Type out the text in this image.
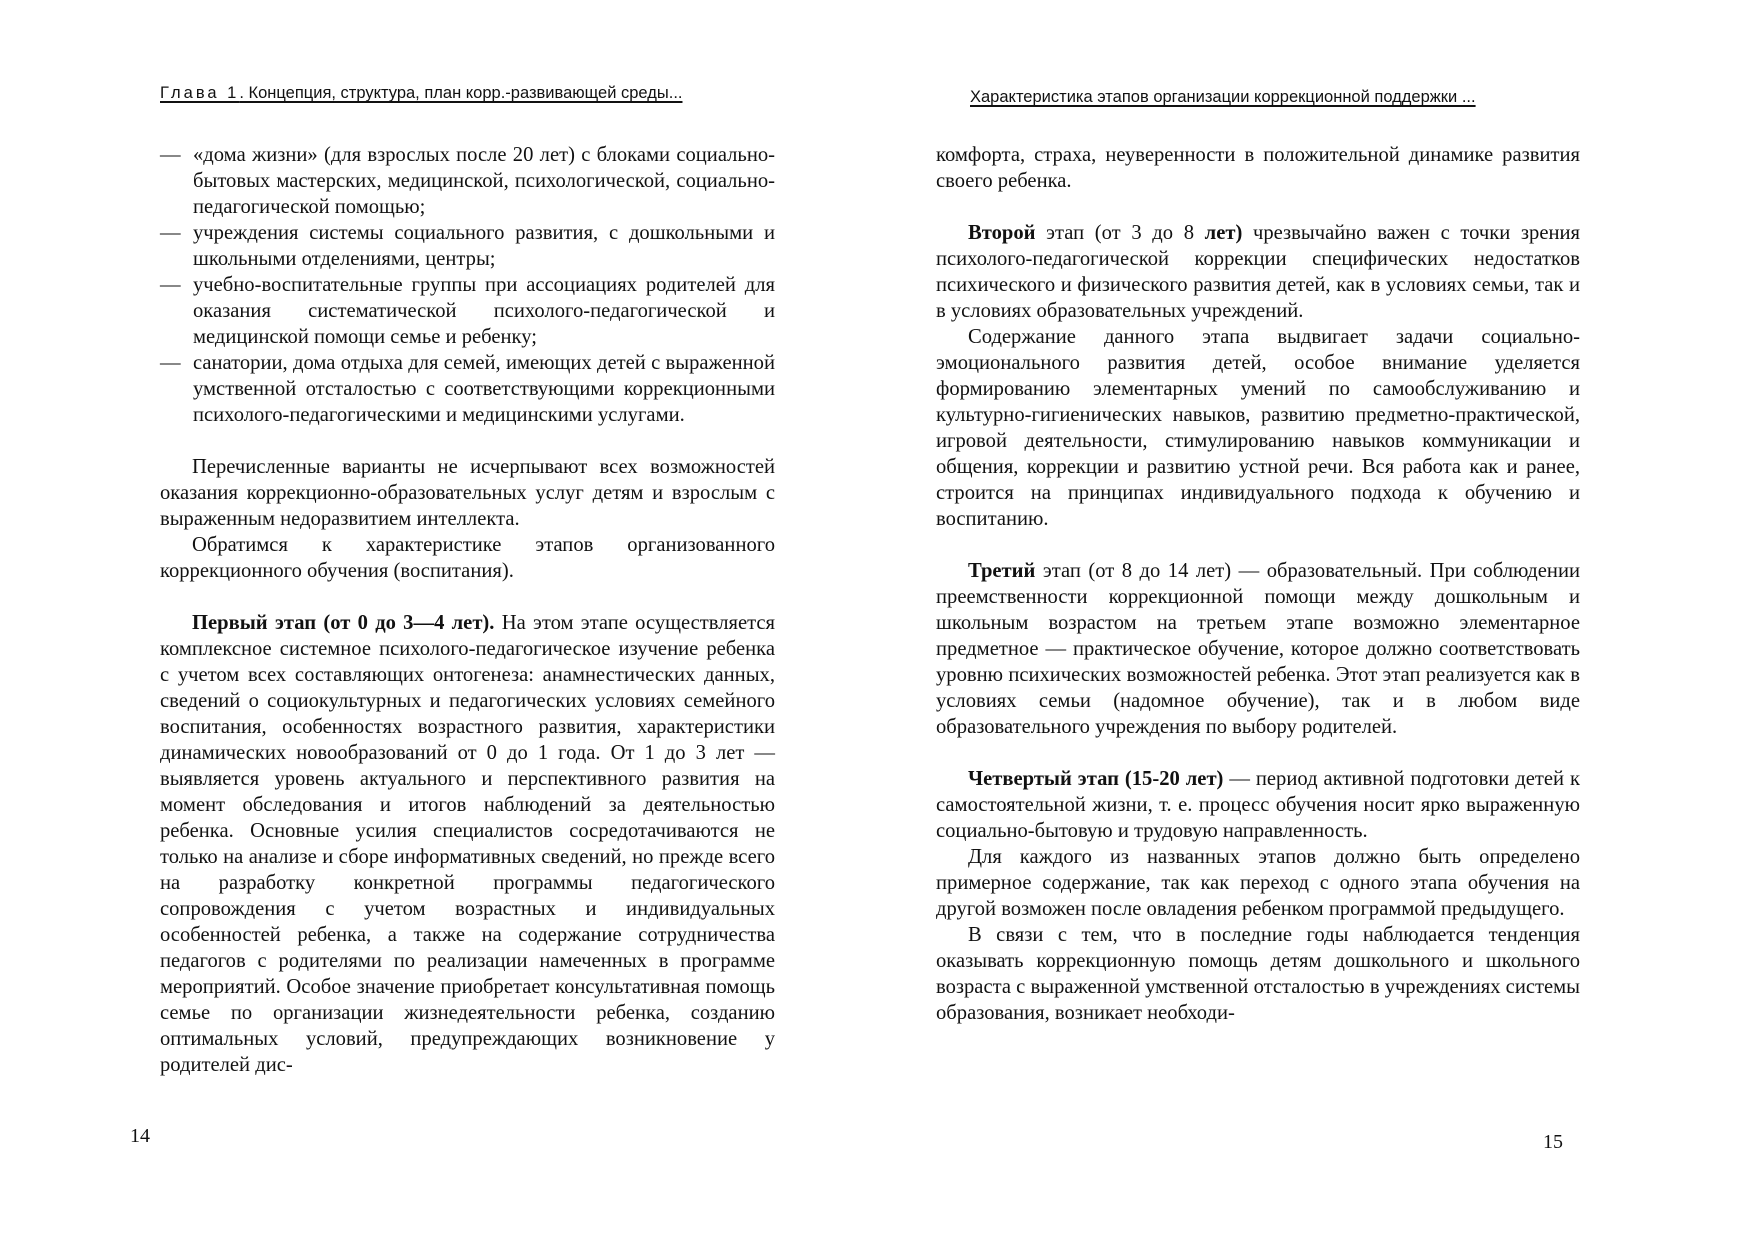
Глава 1. Концепция, структура, план корр.-развивающей среды...
— «дома жизни» (для взрослых после 20 лет) с блоками социально-бытовых мастерских, медицинской, психологической, социально-педагогической помощью;
— учреждения системы социального развития, с дошкольными и школьными отделениями, центры;
— учебно-воспитательные группы при ассоциациях родителей для оказания систематической психолого-педагогической и медицинской помощи семье и ребенку;
— санатории, дома отдыха для семей, имеющих детей с выраженной умственной отсталостью с соответствующими коррекционными психолого-педагогическими и медицинскими услугами.

Перечисленные варианты не исчерпывают всех возможностей оказания коррекционно-образовательных услуг детям и взрослым с выраженным недоразвитием интеллекта.

Обратимся к характеристике этапов организованного коррекционного обучения (воспитания).

Первый этап (от 0 до 3—4 лет). На этом этапе осуществляется комплексное системное психолого-педагогическое изучение ребенка с учетом всех составляющих онтогенеза: анамнестических данных, сведений о социокультурных и педагогических условиях семейного воспитания, особенностях возрастного развития, характеристики динамических новообразований от 0 до 1 года. От 1 до 3 лет — выявляется уровень актуального и перспективного развития на момент обследования и итогов наблюдений за деятельностью ребенка. Основные усилия специалистов сосредотачиваются не только на анализе и сборе информативных сведений, но прежде всего на разработку конкретной программы педагогического сопровождения с учетом возрастных и индивидуальных особенностей ребенка, а также на содержание сотрудничества педагогов с родителями по реализации намеченных в программе мероприятий. Особое значение приобретает консультативная помощь семье по организации жизнедеятельности ребенка, созданию оптимальных условий, предупреждающих возникновение у родителей дис-

14
Характеристика этапов организации коррекционной поддержки ...

комфорта, страха, неуверенности в положительной динамике развития своего ребенка.

Второй этап (от 3 до 8 лет) чрезвычайно важен с точки зрения психолого-педагогической коррекции специфических недостатков психического и физического развития детей, как в условиях семьи, так и в условиях образовательных учреждений.

Содержание данного этапа выдвигает задачи социально-эмоционального развития детей, особое внимание уделяется формированию элементарных умений по самообслуживанию и культурно-гигиенических навыков, развитию предметно-практической, игровой деятельности, стимулированию навыков коммуникации и общения, коррекции и развитию устной речи. Вся работа как и ранее, строится на принципах индивидуального подхода к обучению и воспитанию.

Третий этап (от 8 до 14 лет) — образовательный. При соблюдении преемственности коррекционной помощи между дошкольным и школьным возрастом на третьем этапе возможно элементарное предметное — практическое обучение, которое должно соответствовать уровню психических возможностей ребенка. Этот этап реализуется как в условиях семьи (надомное обучение), так и в любом виде образовательного учреждения по выбору родителей.

Четвертый этап (15-20 лет) — период активной подготовки детей к самостоятельной жизни, т. е. процесс обучения носит ярко выраженную социально-бытовую и трудовую направленность.

Для каждого из названных этапов должно быть определено примерное содержание, так как переход с одного этапа обучения на другой возможен после овладения ребенком программой предыдущего.

В связи с тем, что в последние годы наблюдается тенденция оказывать коррекционную помощь детям дошкольного и школьного возраста с выраженной умственной отсталостью в учреждениях системы образования, возникает необходи-

15
